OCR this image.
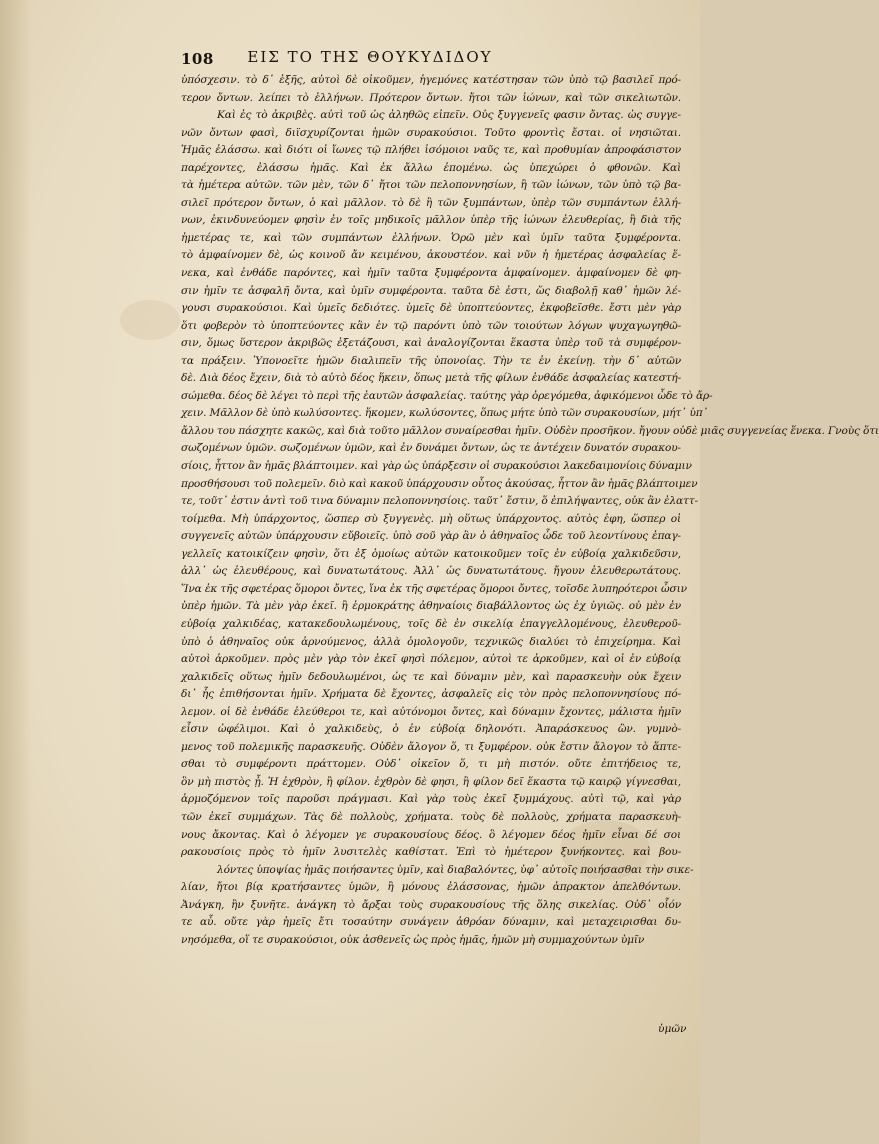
108	ΕΙΣ ΤΟ ΤΗΣ ΘΟΥΚΥΔΙΔΟΥ
ὑπόσχεσιν. τὸ δ᾽ ἑξῆς, αὐτοὶ δὲ οἰκοῦμεν, ἡγεμόνες κατέστησαν τῶν ὑπὸ τῷ βασιλεῖ πρό-
τερον ὄντων. λείπει τὸ ἑλλήνων. Πρότερον ὄντων. ἤτοι τῶν ἰώνων, καὶ τῶν σικελιωτῶν.
Καὶ ἐς τὸ ἀκριβὲς. αὐτὶ τοῦ ὡς ἀληθῶς εἰπεῖν. Οὐς ξυγγενεῖς φασιν ὄντας. ὡς συγγε-
νῶν ὄντων φασὶ, διϊσχυρίζονται ἡμῶν συρακούσιοι. Τοῦτο φροντὶς ἔσται. οἱ νησιῶται.
Ἡμᾶς ἐλάσσω. καὶ διότι οἱ ἴωνες τῷ πλήθει ἰσόμοιοι ναῦς τε, καὶ προθυμίαν ἀπροφάσιστον
παρέχοντες, ἐλάσσω ἡμᾶς. Καὶ ἐκ ἄλλω ἐπομένω. ὡς ὑπεχώρει ὁ φθονῶν. Καὶ
τὰ ἡμέτερα αὐτῶν. τῶν μὲν, τῶν δ᾽ ἤτοι τῶν πελοποννησίων, ἢ τῶν ἰώνων, τῶν ὑπὸ τῷ βα-
σιλεῖ πρότερον ὄντων, ὁ καὶ μᾶλλον. τὸ δὲ ἢ τῶν ξυμπάντων, ὑπὲρ τῶν συμπάντων ἑλλή-
νων, ἐκινδυνεύομεν φησὶν ἐν τοῖς μηδικοῖς μᾶλλον ὑπὲρ τῆς ἰώνων ἐλευθερίας, ἢ διὰ τῆς
ἡμετέρας τε, καὶ τῶν συμπάντων ἑλλήνων. Ὁρῶ μὲν καὶ ὑμῖν ταῦτα ξυμφέροντα.
τὸ ἀμφαίνομεν δὲ, ὡς κοινοῦ ἄν κειμένου, ἀκουστέον. καὶ νῦν ἡ ἡμετέρας ἀσφαλείας ἕ-
νεκα, καὶ ἐνθάδε παρόντες, καὶ ἡμῖν ταῦτα ξυμφέροντα ἀμφαίνομεν. ἀμφαίνομεν δὲ φη-
σιν ἡμῖν τε ἀσφαλῆ ὄντα, καὶ ὑμῖν συμφέροντα. ταῦτα δὲ ἐστι, ὥς διαβολῇ καθ᾽ ἡμῶν λέ-
γουσι συρακούσιοι. Καὶ ὑμεῖς δεδιότες. ὑμεῖς δὲ ὑποπτεύοντες, ἐκφοβεῖσθε. ἔστι μὲν γὰρ
ὅτι φοβερὸν τὸ ὑποπτεύοντες κἂν ἐν τῷ παρόντι ὑπὸ τῶν τοιούτων λόγων ψυχαγωγηθῶ-
σιν, ὅμως ὕστερον ἀκριβῶς ἐξετάζουσι, καὶ ἀναλογίζονται ἕκαστα ὑπὲρ τοῦ τὰ συμφέρον-
τα πράξειν. Ὑπονοεῖτε ἡμῶν διαλιπεῖν τῆς ὑπονοίας. Τὴν τε ἐν ἐκείνῃ. τὴν δ᾽ αὐτῶν
δὲ. Διὰ δέος ἔχειν, διὰ τὸ αὐτὸ δέος ἥκειν, ὅπως μετὰ τῆς φίλων ἐνθάδε ἀσφαλείας κατεστή-
σώμεθα. δέος δὲ λέγει τὸ περὶ τῆς ἑαυτῶν ἀσφαλείας. ταύτης γὰρ ὀρεγόμεθα, ἀφικόμενοι ὧδε τὸ ἄρ-
χειν. Μᾶλλον δὲ ὑπὸ κωλύσοντες. ἥκομεν, κωλύσοντες, ὅπως μήτε ὑπὸ τῶν συρακουσίων, μήτ᾽ ὑπ᾽
ἄλλου του πάσχητε κακῶς, καὶ διὰ τοῦτο μᾶλλον συναίρεσθαι ἡμῖν. Οὐδὲν προσῆκον. ἤγουν οὐδὲ μιᾶς συγγενείας ἕνεκα. Γνοὺς ὅτι
σωζομένων ὑμῶν. σωζομένων ὑμῶν, καὶ ἐν δυνάμει ὄντων, ὡς τε ἀντέχειν δυνατόν συρακου-
σίοις, ἧττον ἂν ἡμᾶς βλάπτοιμεν. καὶ γὰρ ὡς ὑπάρξεσιν οἱ συρακούσιοι λακεδαιμονίοις δύναμιν
προσθήσουσι τοῦ πολεμεῖν. διὸ καὶ κακοῦ ὑπάρχουσιν οὗτος ἀκούσας, ἧττον ἂν ἡμᾶς βλάπτοιμεν
τε, τοῦτ᾽ ἐστιν ἀντὶ τοῦ τινα δύναμιν πελοποννησίοις. ταῦτ᾽ ἔστιν, ὅ ἐπιλήψαντες, οὐκ ἂν ἐλαττ-
τοίμεθα. Μὴ ὑπάρχοντος, ὥσπερ σὺ ξυγγενὲς. μὴ οὕτως ὑπάρχοντος. αὐτὸς ἐφη, ὥσπερ οἱ
συγγενεῖς αὐτῶν ὑπάρχουσιν εὔβοιεῖς. ὑπὸ σοῦ γὰρ ἂν ὁ ἀθηναῖος ὧδε τοῦ λεοντίνους ἐπαγ-
γελλεῖς κατοικίζειν φησὶν, ὅτι ἐξ ὁμοίως αὐτῶν κατοικοῦμεν τοῖς ἐν εὐβοίᾳ χαλκιδεῦσιν,
ἀλλ᾽ ὡς ἐλευθέρους, καὶ δυνατωτάτους. Ἀλλ᾽ ὡς δυνατωτάτους. ἤγουν ἐλευθερωτάτους.
Ἵνα ἐκ τῆς σφετέρας ὅμοροι ὄντες, ἵνα ἐκ τῆς σφετέρας ὅμοροι ὄντες, τοῖσδε λυπηρότεροι ὦσιν
ὑπὲρ ἡμῶν. Τὰ μὲν γὰρ ἐκεῖ. ἢ ἑρμοκράτης ἀθηναίοις διαβάλλοντος ὡς ἐχ ὑγιῶς. οὐ μὲν ἐν
εὐβοίᾳ χαλκιδέας, κατακεδουλωμένους, τοῖς δὲ ἐν σικελίᾳ ἐπαγγελλομένους, ἐλευθεροῦ-
ὑπὸ ὁ ἀθηναῖος οὐκ ἀρνούμενος, ἀλλὰ ὁμολογοῦν, τεχνικῶς διαλύει τὸ ἐπιχείρημα. Καὶ
αὐτοὶ ἀρκοῦμεν. πρὸς μὲν γὰρ τὸν ἐκεῖ φησὶ πόλεμον, αὐτοὶ τε ἀρκοῦμεν, καὶ οἱ ἐν εὐβοίᾳ
χαλκιδεῖς οὕτως ἡμῖν δεδουλωμένοι, ὡς τε καὶ δύναμιν μὲν, καὶ παρασκευὴν οὐκ ἔχειν
δι᾽ ἧς ἐπιθήσονται ἡμῖν. Χρήματα δὲ ἔχοντες, ἀσφαλεῖς εἰς τὸν πρὸς πελοποννησίους πό-
λεμον. οἱ δὲ ἐνθάδε ἐλεύθεροι τε, καὶ αὐτόνομοι ὄντες, καὶ δύναμιν ἔχοντες, μάλιστα ἡμῖν
εἶσιν ὠφέλιμοι. Καὶ ὁ χαλκιδεὺς, ὁ ἐν εὐβοίᾳ δηλονότι. Ἀπαράσκευος ὢν. γυμνὸ-
μενος τοῦ πολεμικῆς παρασκευῆς. Οὐδὲν ἄλογον ὅ, τι ξυμφέρον. οὐκ ἔστιν ἄλογον τὸ ἅπτε-
σθαι τὸ συμφέροντι πράττομεν. Οὐδ᾽ οἰκεῖον ὅ, τι μὴ πιστόν. οὔτε ἐπιτήδειος τε,
ὃν μὴ πιστὸς ᾖ. Ἡ ἐχθρὸν, ἢ φίλον. ἐχθρὸν δὲ φησι, ἢ φίλον δεῖ ἕκαστα τῷ καιρῷ γίγνεσθαι,
ἁρμοζόμενον τοῖς παροῦσι πράγμασι. Καὶ γὰρ τοὺς ἐκεῖ ξυμμάχους. αὐτὶ τῷ, καὶ γὰρ
τῶν ἐκεῖ συμμάχων. Τὰς δὲ πολλοὺς, χρήματα. τοὺς δὲ πολλοὺς, χρήματα παρασκευὴ-
νους ἄκοντας. Καὶ ὁ λέγομεν γε συρακουσίους δέος. ὃ λέγομεν δέος ἡμῖν εἶναι δέ σοι
ρακουσίοις πρὸς τὸ ἡμῖν λυσιτελὲς καθίστατ. Ἐπὶ τὸ ἡμέτερον ξυνήκοντες. καὶ βου-
λόντες ὑποψίας ἡμᾶς ποιήσαντες ὑμῖν, καὶ διαβαλόντες, ὑφ᾽ αὐτοῖς ποιήσασθαι τὴν σικε-
λίαν, ἤτοι βίᾳ κρατήσαντες ὑμῶν, ἢ μόνους ἐλάσσονας, ἡμῶν ἀπρακτον ἀπελθόντων.
Ἀνάγκη, ἢν ξυνῆτε. ἀνάγκη τὸ ἄρξαι τοὺς συρακουσίους τῆς ὅλης σικελίας. Οὐδ᾽ οἷόν
τε αὖ. οὔτε γὰρ ἡμεῖς ἔτι τοσαύτην συνάγειν ἀθρόαν δύναμιν, καὶ μεταχειρισθαι δυ-
νησόμεθα, οἵ τε συρακούσιοι, οὐκ ἀσθενεῖς ὡς πρὸς ἡμᾶς, ἡμῶν μὴ συμμαχούντων ὑμῖν
ὑμῶν
